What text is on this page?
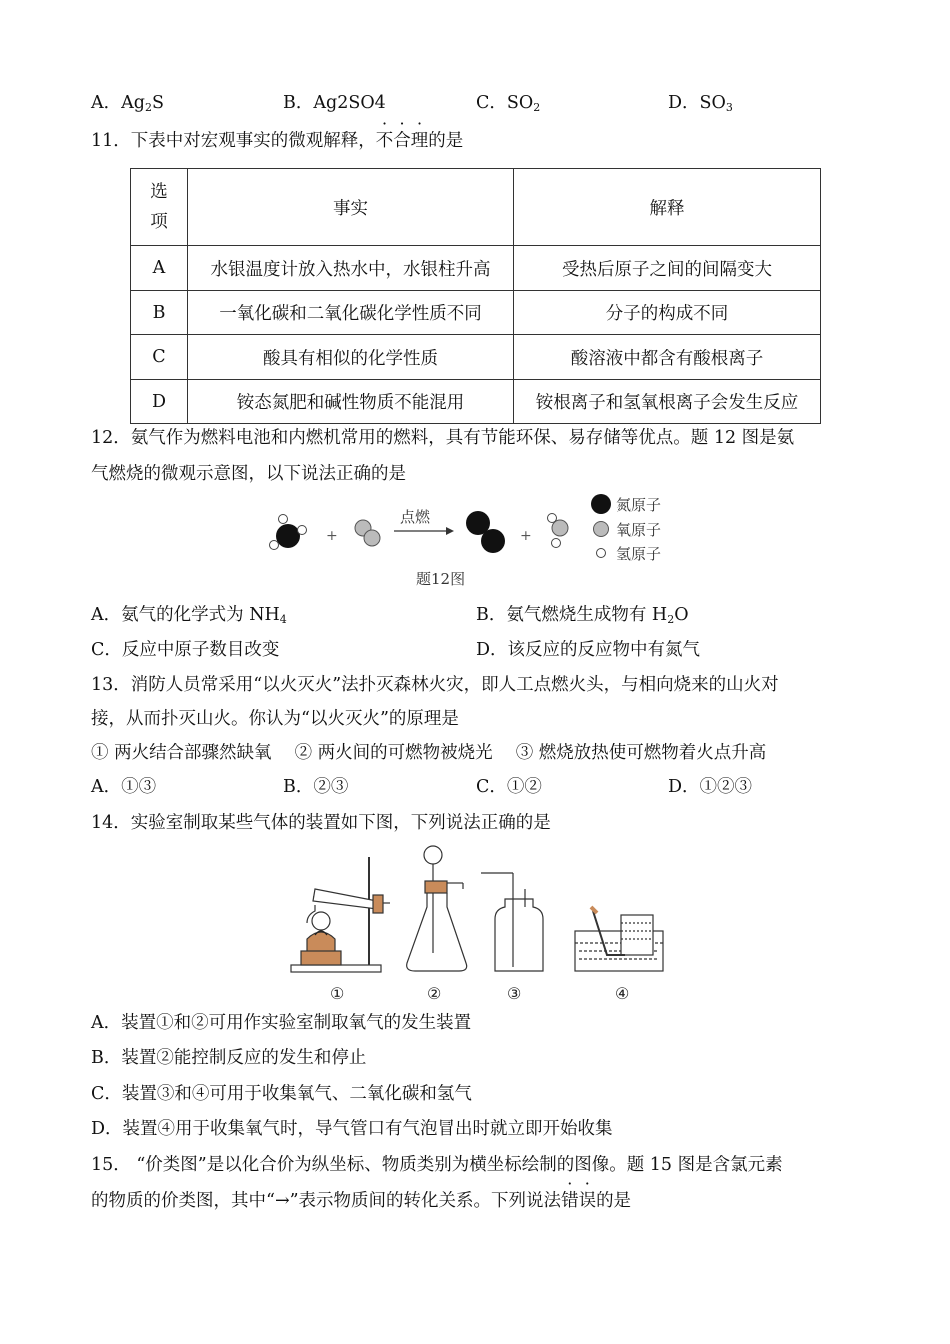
A．$Ag_2S$	B．Ag2SO4	C．$SO_2$	D．$SO_3$
11．下表中对宏观事实的微观解释，不合理的是
选
项	事实	解释
A	水银温度计放入热水中，水银柱升高	受热后原子之间的间隔变大
B	一氧化碳和二氧化碳化学性质不同	分子的构成不同
C	酸具有相似的化学性质	酸溶液中都含有酸根离子
D	铵态氮肥和碱性物质不能混用	铵根离子和氢氧根离子会发生反应
12．氨气作为燃料电池和内燃机常用的燃料，具有节能环保、易存储等优点。题 12 图是氨
气燃烧的微观示意图，以下说法正确的是
+
点燃
+
氮原子
氧原子
氢原子
题12图
A．氨气的化学式为 $NH_4$	B．氨气燃烧生成物有 $H_2O$
C．反应中原子数目改变	D．该反应的反应物中有氮气
13．消防人员常采用“以火灭火”法扑灭森林火灾，即人工点燃火头，与相向烧来的山火对
接，从而扑灭山火。你认为“以火灭火”的原理是
① 两火结合部骤然缺氧　 ② 两火间的可燃物被烧光　 ③ 燃烧放热使可燃物着火点升高
A．①③	B．②③	C．①②	D．①②③
14．实验室制取某些气体的装置如下图，下列说法正确的是
①	②	③	④
A．装置①和②可用作实验室制取氧气的发生装置
B．装置②能控制反应的发生和停止
C．装置③和④可用于收集氧气、二氧化碳和氢气
D．装置④用于收集氧气时，导气管口有气泡冒出时就立即开始收集
15． “价类图”是以化合价为纵坐标、物质类别为横坐标绘制的图像。题 15 图是含氯元素
的物质的价类图，其中“→”表示物质间的转化关系。下列说法错误的是
